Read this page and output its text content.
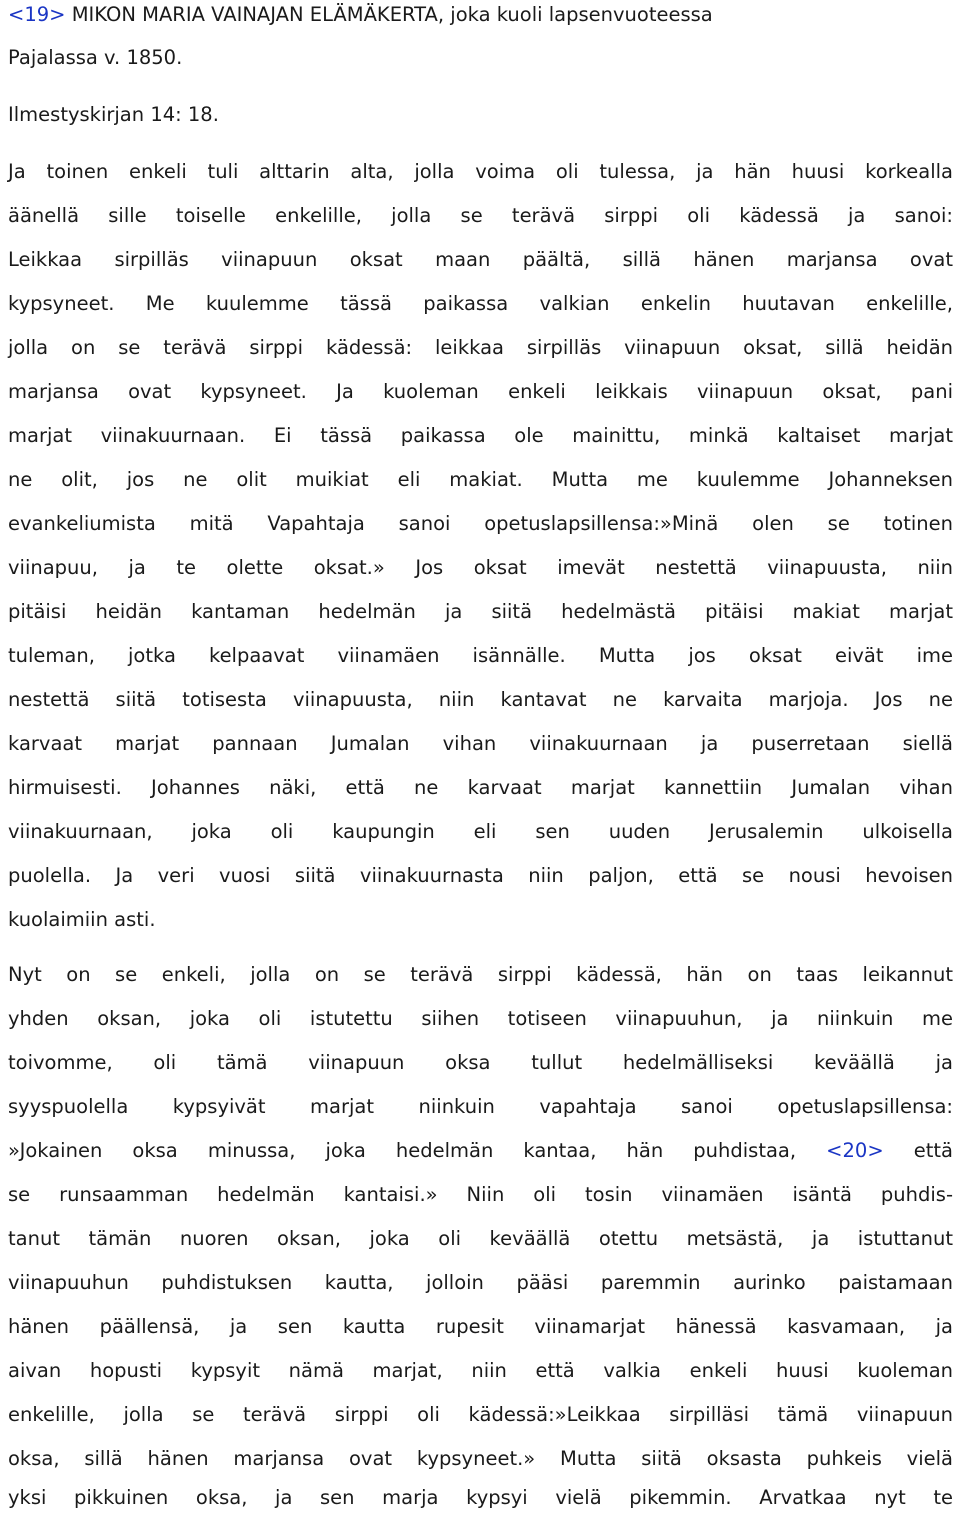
<19> MIKON MARIA VAINAJAN ELÄMÄKERTA, joka kuoli lapsenvuoteessa
Pajalassa v. 1850.
Ilmestyskirjan 14: 18.
Ja toinen enkeli tuli alttarin alta, jolla voima oli tulessa, ja hän huusi korkealla
äänellä sille toiselle enkelille, jolla se terävä sirppi oli kädessä ja sanoi:
Leikkaa sirpilläs viinapuun oksat maan päältä, sillä hänen marjansa ovat
kypsyneet. Me kuulemme tässä paikassa valkian enkelin huutavan enkelille,
jolla on se terävä sirppi kädessä: leikkaa sirpilläs viinapuun oksat, sillä heidän
marjansa ovat kypsyneet. Ja kuoleman enkeli leikkais viinapuun oksat, pani
marjat viinakuurnaan. Ei tässä paikassa ole mainittu, minkä kaltaiset marjat
ne olit, jos ne olit muikiat eli makiat. Mutta me kuulemme Johanneksen
evankeliumista mitä Vapahtaja sanoi opetuslapsillensa:»Minä olen se totinen
viinapuu, ja te olette oksat.» Jos oksat imevät nestettä viinapuusta, niin
pitäisi heidän kantaman hedelmän ja siitä hedelmästä pitäisi makiat marjat
tuleman, jotka kelpaavat viinamäen isännälle. Mutta jos oksat eivät ime
nestettä siitä totisesta viinapuusta, niin kantavat ne karvaita marjoja. Jos ne
karvaat marjat pannaan Jumalan vihan viinakuurnaan ja puserretaan siellä
hirmuisesti. Johannes näki, että ne karvaat marjat kannettiin Jumalan vihan
viinakuurnaan, joka oli kaupungin eli sen uuden Jerusalemin ulkoisella
puolella. Ja veri vuosi siitä viinakuurnasta niin paljon, että se nousi hevoisen
kuolaimiin asti.
Nyt on se enkeli, jolla on se terävä sirppi kädessä, hän on taas leikannut
yhden oksan, joka oli istutettu siihen totiseen viinapuuhun, ja niinkuin me
toivomme, oli tämä viinapuun oksa tullut hedelmälliseksi keväällä ja
syyspuolella kypsyivät marjat niinkuin vapahtaja sanoi opetuslapsillensa:
»Jokainen oksa minussa, joka hedelmän kantaa, hän puhdistaa, <20> että
se runsaamman hedelmän kantaisi.» Niin oli tosin viinamäen isäntä puhdis-
tanut tämän nuoren oksan, joka oli keväällä otettu metsästä, ja istuttanut
viinapuuhun puhdistuksen kautta, jolloin pääsi paremmin aurinko paistamaan
hänen päällensä, ja sen kautta rupesit viinamarjat hänessä kasvamaan, ja
aivan hopusti kypsyit nämä marjat, niin että valkia enkeli huusi kuoleman
enkelille, jolla se terävä sirppi oli kädessä:»Leikkaa sirpilläsi tämä viinapuun
oksa, sillä hänen marjansa ovat kypsyneet.» Mutta siitä oksasta puhkeis vielä
yksi pikkuinen oksa, ja sen marja kypsyi vielä pikemmin. Arvatkaa nyt te
